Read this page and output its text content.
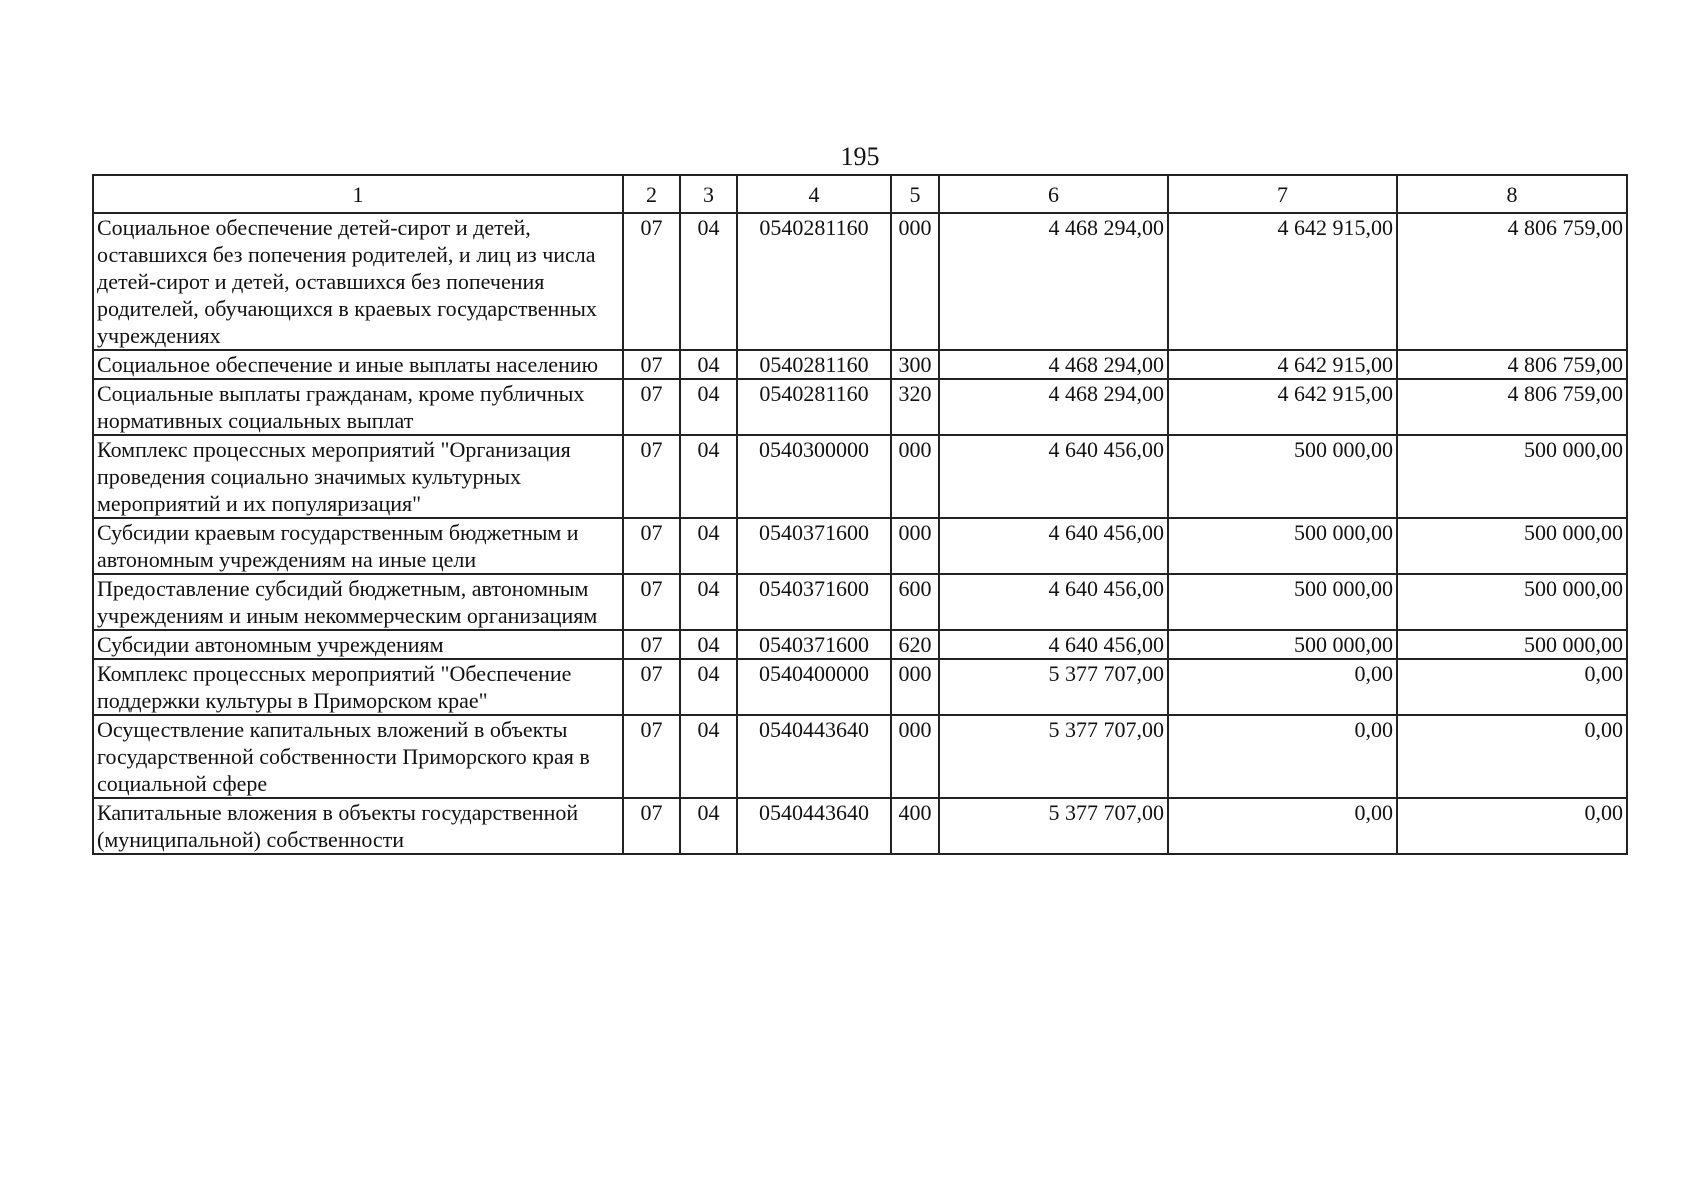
195
1	2	3	4	5	6	7	8
Социальное обеспечение детей-сирот и детей, оставшихся без попечения родителей, и лиц из числа детей-сирот и детей, оставшихся без попечения родителей, обучающихся в краевых государственных учреждениях	07	04	0540281160	000	4 468 294,00	4 642 915,00	4 806 759,00
Социальное обеспечение и иные выплаты населению	07	04	0540281160	300	4 468 294,00	4 642 915,00	4 806 759,00
Социальные выплаты гражданам, кроме публичных нормативных социальных выплат	07	04	0540281160	320	4 468 294,00	4 642 915,00	4 806 759,00
Комплекс процессных мероприятий "Организация проведения социально значимых культурных мероприятий и их популяризация"	07	04	0540300000	000	4 640 456,00	500 000,00	500 000,00
Субсидии краевым государственным бюджетным и автономным учреждениям на иные цели	07	04	0540371600	000	4 640 456,00	500 000,00	500 000,00
Предоставление субсидий бюджетным, автономным учреждениям и иным некоммерческим организациям	07	04	0540371600	600	4 640 456,00	500 000,00	500 000,00
Субсидии автономным учреждениям	07	04	0540371600	620	4 640 456,00	500 000,00	500 000,00
Комплекс процессных мероприятий "Обеспечение поддержки культуры в Приморском крае"	07	04	0540400000	000	5 377 707,00	0,00	0,00
Осуществление капитальных вложений в объекты государственной собственности Приморского края в социальной сфере	07	04	0540443640	000	5 377 707,00	0,00	0,00
Капитальные вложения в объекты государственной (муниципальной) собственности	07	04	0540443640	400	5 377 707,00	0,00	0,00
